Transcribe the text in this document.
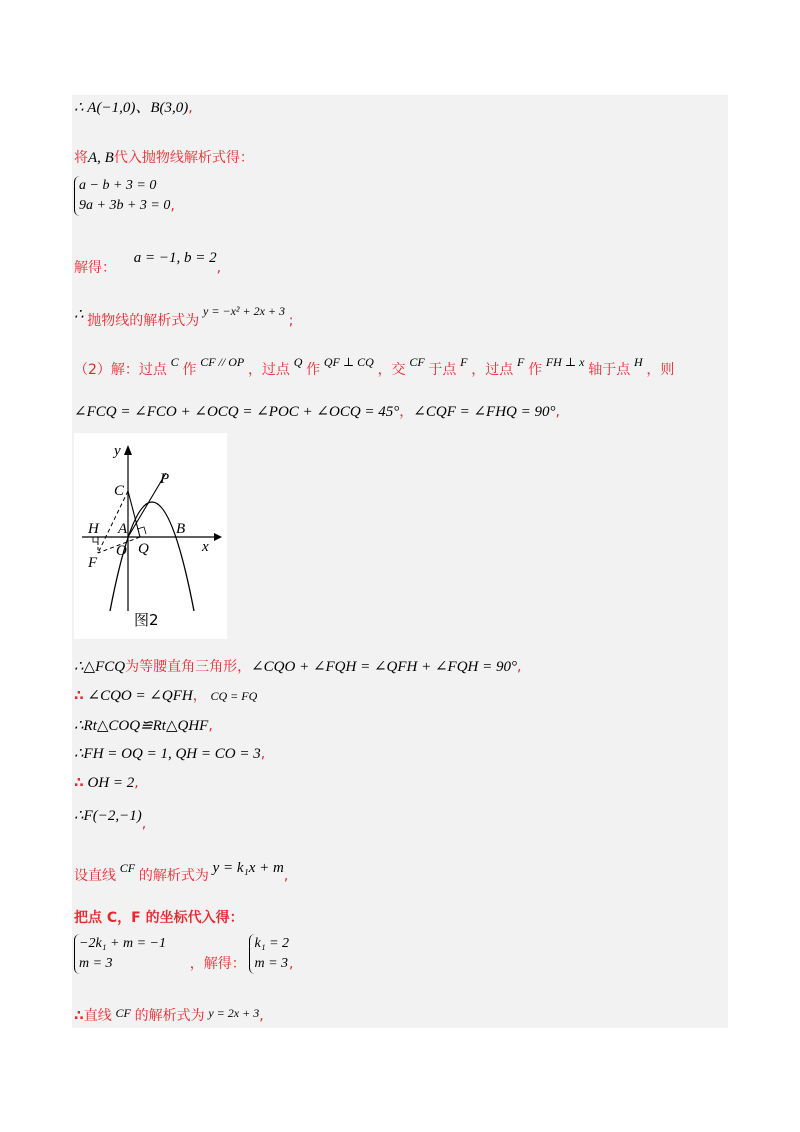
∴ A(−1,0)、B(3,0),
将A, B代入抛物线解析式得：
a − b + 3 = 0
9a + 3b + 3 = 0 ,
解得： a = −1, b = 2,
∴ 抛物线的解析式为 $^{y = -x^2 + 2x + 3}$ ;
（2）解：过点 $^C$ 作 $^{CF // OP}$ ，过点 $^Q$ 作 $^{QF \perp CQ}$ ，交 $^{CF}$ 于点 $^F$ ，过点 $^F$ 作 $^{FH \perp x}$ 轴于点 $^H$ ，则
∠FCQ = ∠FCO + ∠OCQ = ∠POC + ∠OCQ = 45°，∠CQF = ∠FHQ = 90°,
y
x
C
P
H A	B
O Q
F
图2
∴△FCQ为等腰直角三角形，∠CQO + ∠FQH = ∠QFH + ∠FQH = 90°,
∴ ∠CQO = ∠QFH， CQ = FQ
∴Rt△COQ≌Rt△QHF,
∴FH = OQ = 1, QH = CO = 3,
∴ OH = 2,
∴F(−2,−1),
设直线 CF 的解析式为 y = k₁x + m,
把点 C，F 的坐标代入得：
−2k₁ + m = −1
m = 3	，解得：
k₁ = 2
m = 3 ,
∴直线 $^{CF}$ 的解析式为 $^{y = 2x + 3}$,
